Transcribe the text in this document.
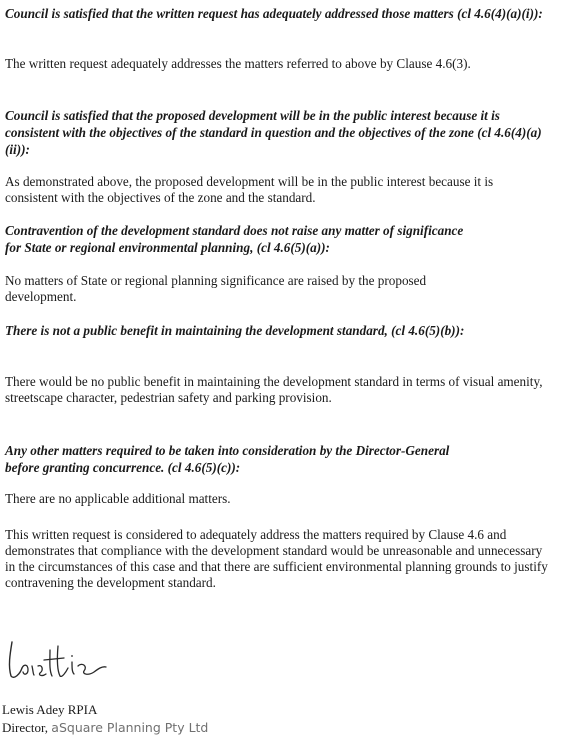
Council is satisfied that the written request has adequately addressed those matters (cl 4.6(4)(a)(i)):

The written request adequately addresses the matters referred to above by Clause 4.6(3).

Council is satisfied that the proposed development will be in the public interest because it is consistent with the objectives of the standard in question and the objectives of the zone (cl 4.6(4)(a)(ii)):

As demonstrated above, the proposed development will be in the public interest because it is consistent with the objectives of the zone and the standard.

Contravention of the development standard does not raise any matter of significance for State or regional environmental planning, (cl 4.6(5)(a)):

No matters of State or regional planning significance are raised by the proposed development.

There is not a public benefit in maintaining the development standard, (cl 4.6(5)(b)):

There would be no public benefit in maintaining the development standard in terms of visual amenity, streetscape character, pedestrian safety and parking provision.

Any other matters required to be taken into consideration by the Director-General before granting concurrence. (cl 4.6(5)(c)):

There are no applicable additional matters.

This written request is considered to adequately address the matters required by Clause 4.6 and demonstrates that compliance with the development standard would be unreasonable and unnecessary in the circumstances of this case and that there are sufficient environmental planning grounds to justify contravening the development standard.

Lewis Adey RPIA

Director, aSquare Planning Pty Ltd
